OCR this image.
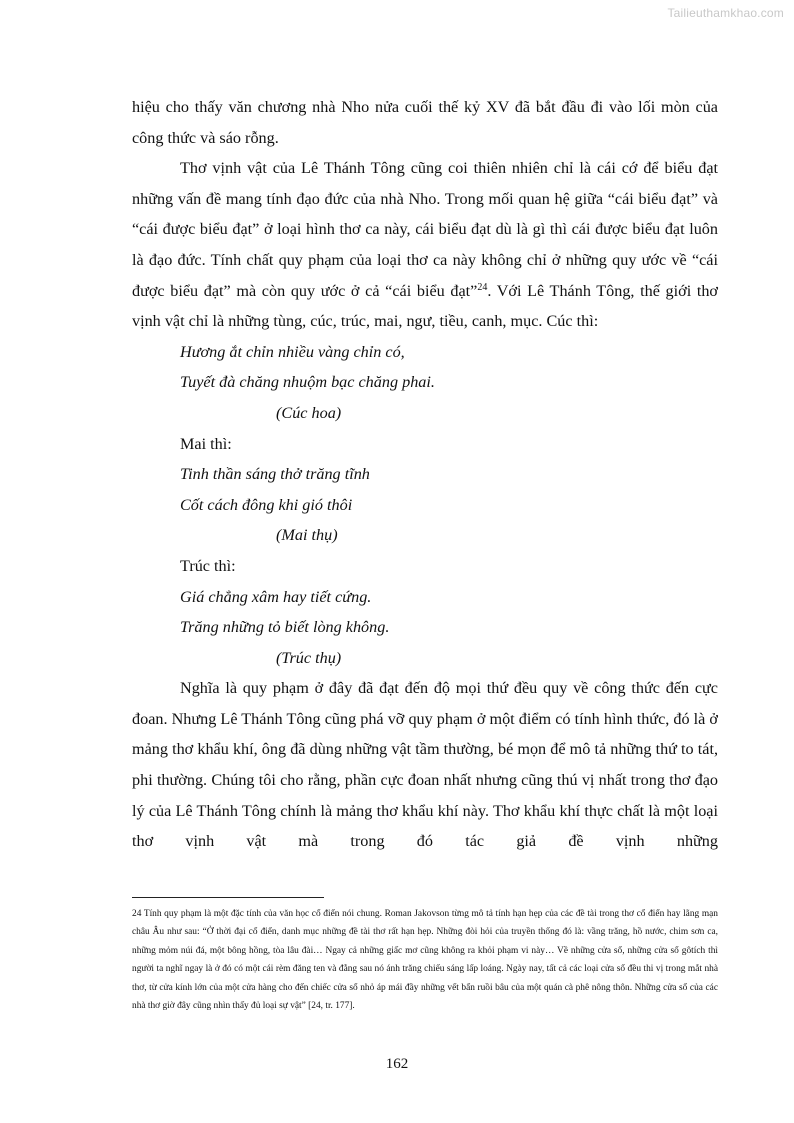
Tailieuthamkhao.com

hiệu cho thấy văn chương nhà Nho nửa cuối thế kỷ XV đã bắt đầu đi vào lối mòn của công thức và sáo rỗng.

Thơ vịnh vật của Lê Thánh Tông cũng coi thiên nhiên chỉ là cái cớ để biểu đạt những vấn đề mang tính đạo đức của nhà Nho. Trong mối quan hệ giữa “cái biểu đạt” và “cái được biểu đạt” ở loại hình thơ ca này, cái biểu đạt dù là gì thì cái được biểu đạt luôn là đạo đức. Tính chất quy phạm của loại thơ ca này không chỉ ở những quy ước về “cái được biểu đạt” mà còn quy ước ở cả “cái biểu đạt”$^{24}$. Với Lê Thánh Tông, thế giới thơ vịnh vật chỉ là những tùng, cúc, trúc, mai, ngư, tiều, canh, mục. Cúc thì:

Hương ắt chỉn nhiều vàng chỉn có,

Tuyết đà chăng nhuộm bạc chăng phai.

(Cúc hoa)

Mai thì:

Tinh thần sáng thở trăng tĩnh

Cốt cách đông khi gió thôi

(Mai thụ)

Trúc thì:

Giá chẳng xâm hay tiết cứng.

Trăng những tỏ biết lòng không.

(Trúc thụ)

Nghĩa là quy phạm ở đây đã đạt đến độ mọi thứ đều quy về công thức đến cực đoan. Nhưng Lê Thánh Tông cũng phá vỡ quy phạm ở một điểm có tính hình thức, đó là ở mảng thơ khẩu khí, ông đã dùng những vật tầm thường, bé mọn để mô tả những thứ to tát, phi thường. Chúng tôi cho rằng, phần cực đoan nhất nhưng cũng thú vị nhất trong thơ đạo lý của Lê Thánh Tông chính là mảng thơ khẩu khí này. Thơ khẩu khí thực chất là một loại thơ vịnh vật mà trong đó tác giả đề vịnh những

24 Tính quy phạm là một đặc tính của văn học cổ điển nói chung. Roman Jakovson từng mô tả tính hạn hẹp của các đề tài trong thơ cổ điển hay lãng mạn châu Âu như sau: “Ở thời đại cổ điển, danh mục những đề tài thơ rất hạn hẹp. Những đòi hỏi của truyền thống đó là: vầng trăng, hồ nước, chim sơn ca, những mỏm núi đá, một bông hồng, tòa lâu đài… Ngay cả những giấc mơ cũng không ra khỏi phạm vi này… Về những cửa sổ, những cửa sổ gôtích thì người ta nghĩ ngay là ở đó có một cái rèm đăng ten và đằng sau nó ánh trăng chiếu sáng lấp loáng. Ngày nay, tất cả các loại cửa sổ đều thi vị trong mắt nhà thơ, từ cửa kính lớn của một cửa hàng cho đến chiếc cửa sổ nhỏ áp mái đầy những vết bẩn ruồi bâu của một quán cà phê nông thôn. Những cửa sổ của các nhà thơ giờ đây cũng nhìn thấy đủ loại sự vật” [24, tr. 177].

162
